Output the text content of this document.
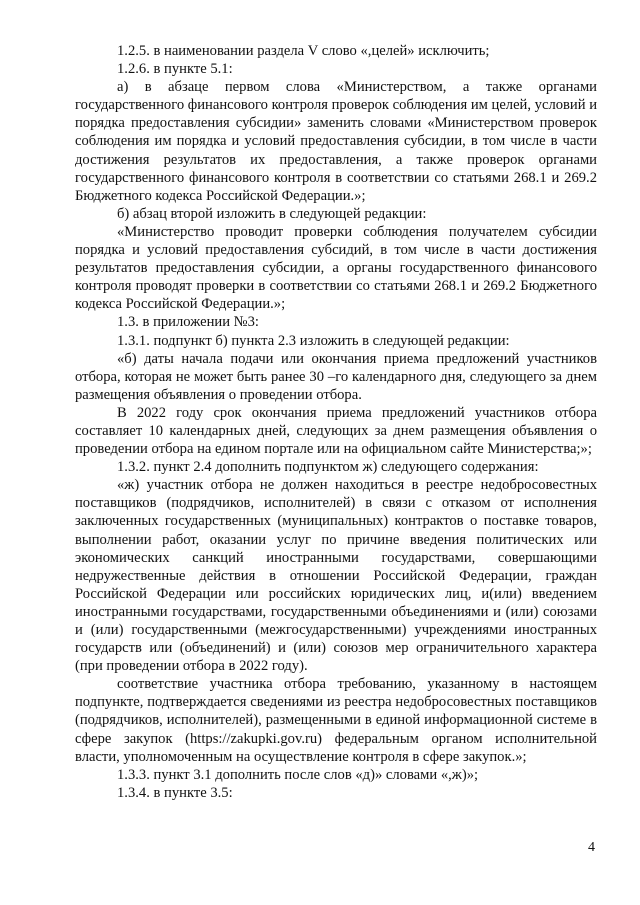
1.2.5. в наименовании раздела V слово «,целей» исключить;

1.2.6. в пункте 5.1:

а) в абзаце первом слова «Министерством, а также органами государственного финансового контроля проверок соблюдения им целей, условий и порядка предоставления субсидии» заменить словами «Министерством проверок соблюдения им порядка и условий предоставления субсидии, в том числе в части достижения результатов их предоставления, а также проверок органами государственного финансового контроля в соответствии со статьями 268.1 и 269.2 Бюджетного кодекса Российской Федерации.»;

б) абзац второй изложить в следующей редакции:

«Министерство проводит проверки соблюдения получателем субсидии порядка и условий предоставления субсидий, в том числе в части достижения результатов предоставления субсидии, а органы государственного финансового контроля проводят проверки в соответствии со статьями 268.1 и 269.2 Бюджетного кодекса Российской Федерации.»;

1.3. в приложении №3:

1.3.1. подпункт б) пункта 2.3 изложить в следующей редакции:

«б) даты начала подачи или окончания приема предложений участников отбора, которая не может быть ранее 30 –го календарного дня, следующего за днем размещения объявления о проведении отбора.

В 2022 году срок окончания приема предложений участников отбора составляет 10 календарных дней, следующих за днем размещения объявления о проведении отбора на едином портале или на официальном сайте Министерства;»;

1.3.2. пункт 2.4 дополнить подпунктом ж) следующего содержания:

«ж) участник отбора не должен находиться в реестре недобросовестных поставщиков (подрядчиков, исполнителей) в связи с отказом от исполнения заключенных государственных (муниципальных) контрактов о поставке товаров, выполнении работ, оказании услуг по причине введения политических или экономических санкций иностранными государствами, совершающими недружественные действия в отношении Российской Федерации, граждан Российской Федерации или российских юридических лиц, и(или) введением иностранными государствами, государственными объединениями и (или) союзами и (или) государственными (межгосударственными) учреждениями иностранных государств или (объединений) и (или) союзов мер ограничительного характера (при проведении отбора в 2022 году).

соответствие участника отбора требованию, указанному в настоящем подпункте, подтверждается сведениями из реестра недобросовестных поставщиков (подрядчиков, исполнителей), размещенными в единой информационной системе в сфере закупок (https://zakupki.gov.ru) федеральным органом исполнительной власти, уполномоченным на осуществление контроля в сфере закупок.»;

1.3.3. пункт 3.1 дополнить после слов «д)» словами «,ж)»;

1.3.4. в пункте 3.5:

4
